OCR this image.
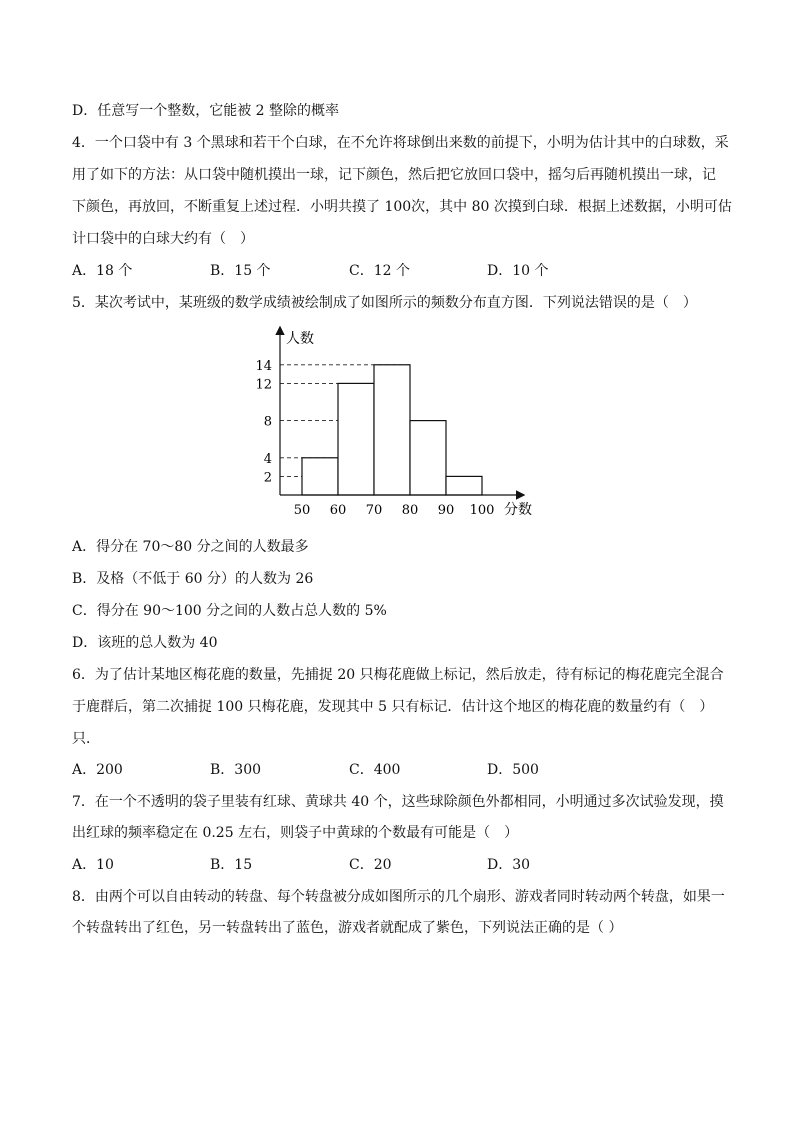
D．任意写一个整数，它能被 2 整除的概率
4．一个口袋中有 3 个黑球和若干个白球，在不允许将球倒出来数的前提下，小明为估计其中的白球数，采
用了如下的方法：从口袋中随机摸出一球，记下颜色，然后把它放回口袋中，摇匀后再随机摸出一球，记
下颜色，再放回，不断重复上述过程．小明共摸了 100次，其中 80 次摸到白球．根据上述数据，小明可估
计口袋中的白球大约有（　）
A．18 个	B．15 个	C．12 个	D．10 个
5．某次考试中，某班级的数学成绩被绘制成了如图所示的频数分布直方图．下列说法错误的是（　）
人数
分数
50 60 70 80 90 100
2
4
8
12
14
A．得分在 70～80 分之间的人数最多
B．及格（不低于 60 分）的人数为 26
C．得分在 90～100 分之间的人数占总人数的 5%
D．该班的总人数为 40
6．为了估计某地区梅花鹿的数量，先捕捉 20 只梅花鹿做上标记，然后放走，待有标记的梅花鹿完全混合
于鹿群后，第二次捕捉 100 只梅花鹿，发现其中 5 只有标记．估计这个地区的梅花鹿的数量约有（　）
只．
A．200	B．300	C．400	D．500
7．在一个不透明的袋子里装有红球、黄球共 40 个，这些球除颜色外都相同，小明通过多次试验发现，摸
出红球的频率稳定在 0.25 左右，则袋子中黄球的个数最有可能是（　）
A．10	B．15	C．20	D．30
8．由两个可以自由转动的转盘、每个转盘被分成如图所示的几个扇形、游戏者同时转动两个转盘，如果一
个转盘转出了红色，另一转盘转出了蓝色，游戏者就配成了紫色，下列说法正确的是（ ）
